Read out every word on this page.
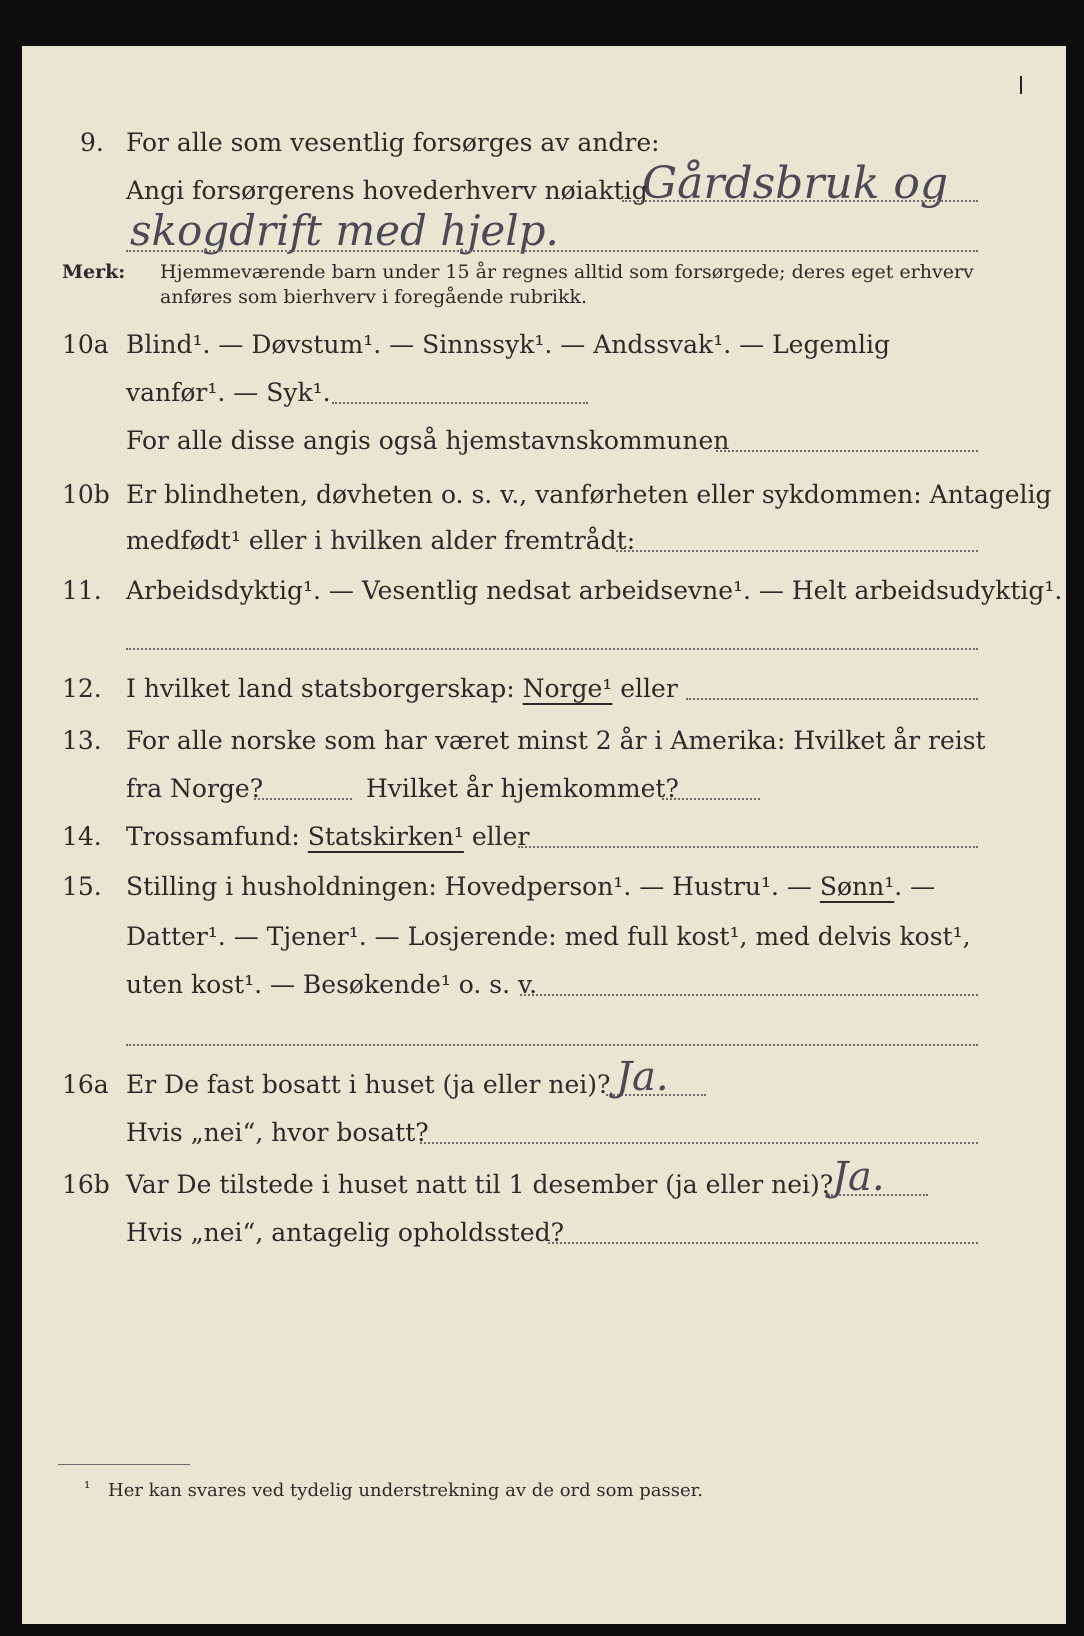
9. For alle som vesentlig forsørges av andre:
Gårdsbruk og
Angi forsørgerens hovederhverv nøiaktig
skogdrift med hjelp.
Merk: Hjemmeværende barn under 15 år regnes alltid som forsørgede; deres eget erhverv
anføres som bierhverv i foregående rubrikk.
10a Blind¹. — Døvstum¹. — Sinnssyk¹. — Andssvak¹. — Legemlig
vanfør¹. — Syk¹.
For alle disse angis også hjemstavnskommunen
10b Er blindheten, døvheten o. s. v., vanførheten eller sykdommen: Antagelig
medfødt¹ eller i hvilken alder fremtrådt:
11. Arbeidsdyktig¹. — Vesentlig nedsat arbeidsevne¹. — Helt arbeidsudyktig¹.
12. I hvilket land statsborgerskap: Norge¹ eller
13. For alle norske som har været minst 2 år i Amerika: Hvilket år reist
fra Norge?	Hvilket år hjemkommet?
14. Trossamfund: Statskirken¹ eller
15. Stilling i husholdningen: Hovedperson¹. — Hustru¹. — Sønn¹. —
Datter¹. — Tjener¹. — Losjerende: med full kost¹, med delvis kost¹,
uten kost¹. — Besøkende¹ o. s. v.
16a Er De fast bosatt i huset (ja eller nei)? Ja.
Hvis „nei“, hvor bosatt?
16b Var De tilstede i huset natt til 1 desember (ja eller nei)?
Ja.
Hvis „nei“, antagelig opholdssted?
¹ Her kan svares ved tydelig understrekning av de ord som passer.
